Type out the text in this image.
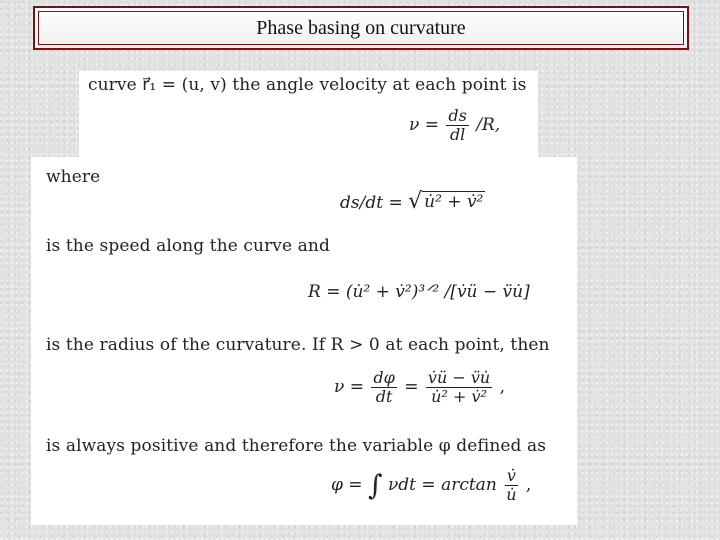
Phase basing on curvature
curve r⃗₁ = (u, v) the angle velocity at each point is
$\nu = \frac{ds}{dl} /R$,
where
ds/dt = √ u̇² + v̇²
is the speed along the curve and
R = (u̇² + v̇²)³ᐟ² /[v̇ü − v̈u̇]
is the radius of the curvature. If R > 0 at each point, then
$\nu = \frac{d\varphi}{dt} = \frac{v̇ü - v̈u̇}{\text{u̇² + v̇²}}$ ,
is always positive and therefore the variable φ defined as
φ = ∫ $\nu dt = \arctan \frac{v̇}{u̇}$ ,
